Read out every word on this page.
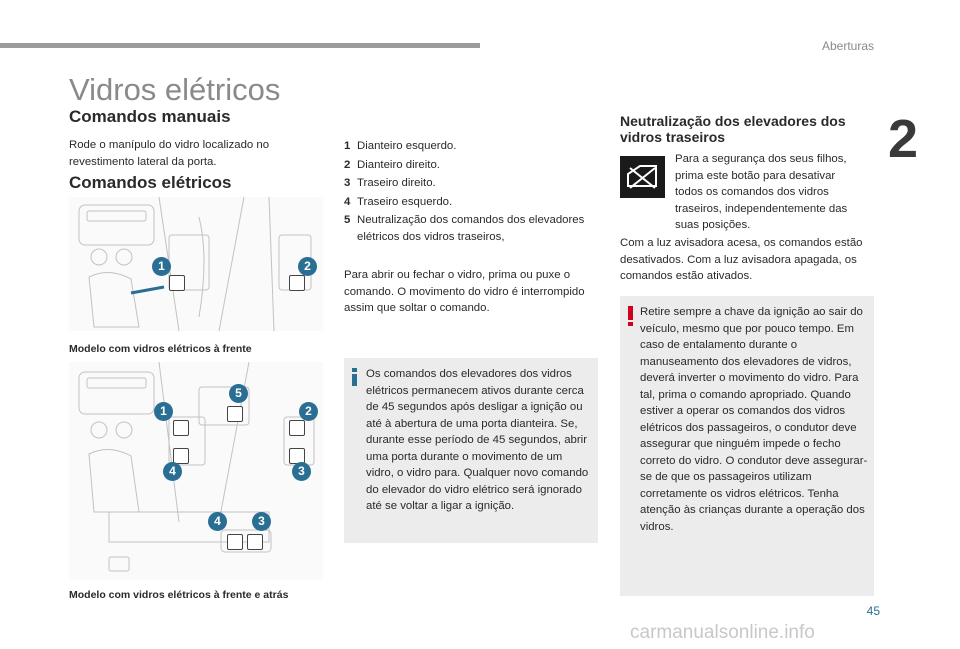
Aberturas
2
Vidros elétricos
Comandos manuais
Rode o manípulo do vidro localizado no revestimento lateral da porta.
Comandos elétricos
1	2
Modelo com vidros elétricos à frente
5
1	2
4	3
4	3
Modelo com vidros elétricos à frente e atrás
1 Dianteiro esquerdo.
2 Dianteiro direito.
3 Traseiro direito.
4 Traseiro esquerdo.
5 Neutralização dos comandos dos elevadores elétricos dos vidros traseiros,
Para abrir ou fechar o vidro, prima ou puxe o comando. O movimento do vidro é interrompido assim que soltar o comando.
Os comandos dos elevadores dos vidros elétricos permanecem ativos durante cerca de 45 segundos após desligar a ignição ou até à abertura de uma porta dianteira. Se, durante esse período de 45 segundos, abrir uma porta durante o movimento de um vidro, o vidro para. Qualquer novo comando do elevador do vidro elétrico será ignorado até se voltar a ligar a ignição.
Neutralização dos elevadores dos vidros traseiros
Para a segurança dos seus filhos, prima este botão para desativar todos os comandos dos vidros traseiros, independentemente das suas posições.
Com a luz avisadora acesa, os comandos estão desativados. Com a luz avisadora apagada, os comandos estão ativados.
Retire sempre a chave da ignição ao sair do veículo, mesmo que por pouco tempo. Em caso de entalamento durante o manuseamento dos elevadores de vidros, deverá inverter o movimento do vidro. Para tal, prima o comando apropriado. Quando estiver a operar os comandos dos vidros elétricos dos passageiros, o condutor deve assegurar que ninguém impede o fecho correto do vidro. O condutor deve assegurar-se de que os passageiros utilizam corretamente os vidros elétricos. Tenha atenção às crianças durante a operação dos vidros.
45
carmanualsonline.info
